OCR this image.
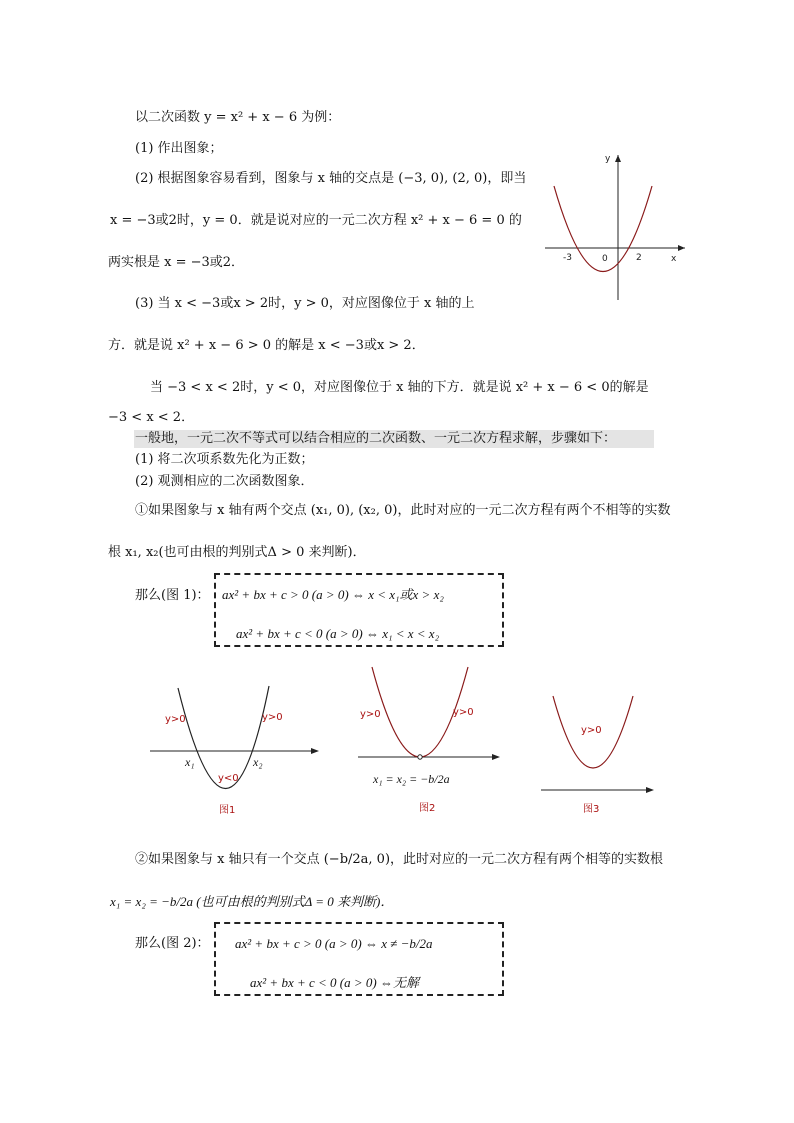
以二次函数 y = x² + x − 6 为例：
(1) 作出图象；
(2) 根据图象容易看到，图象与 x 轴的交点是 (−3, 0), (2, 0)，即当
x = −3或2时，y = 0．就是说对应的一元二次方程 x² + x − 6 = 0 的
两实根是 x = −3或2．
(3) 当 x < −3或x > 2时，y > 0，对应图像位于 x 轴的上
方．就是说 x² + x − 6 > 0 的解是 x < −3或x > 2．
当 −3 < x < 2时，y < 0，对应图像位于 x 轴的下方．就是说 x² + x − 6 < 0的解是
−3 < x < 2．
y
x
-3	0	2
一般地，一元二次不等式可以结合相应的二次函数、一元二次方程求解，步骤如下：
(1) 将二次项系数先化为正数；
(2) 观测相应的二次函数图象．
①如果图象与 x 轴有两个交点 (x₁, 0), (x₂, 0)，此时对应的一元二次方程有两个不相等的实数
根 x₁, x₂(也可由根的判别式Δ > 0 来判断)．
那么(图 1)： ax² + bx + c > 0 (a > 0) ⇔ x < x₁或x > x₂
ax² + bx + c < 0 (a > 0) ⇔ x₁ < x < x₂
y>0	y>0
y<0
x₁	x₂
图1
y>0	y>0
x₁ = x₂ = −b/2a
图2
y>0
图3
②如果图象与 x 轴只有一个交点 (−b/2a, 0)，此时对应的一元二次方程有两个相等的实数根
x₁ = x₂ = −b/2a (也可由根的判别式Δ = 0 来判断)．
那么(图 2)： ax² + bx + c > 0 (a > 0) ⇔ x ≠ −b/2a
ax² + bx + c < 0 (a > 0) ⇔无解
